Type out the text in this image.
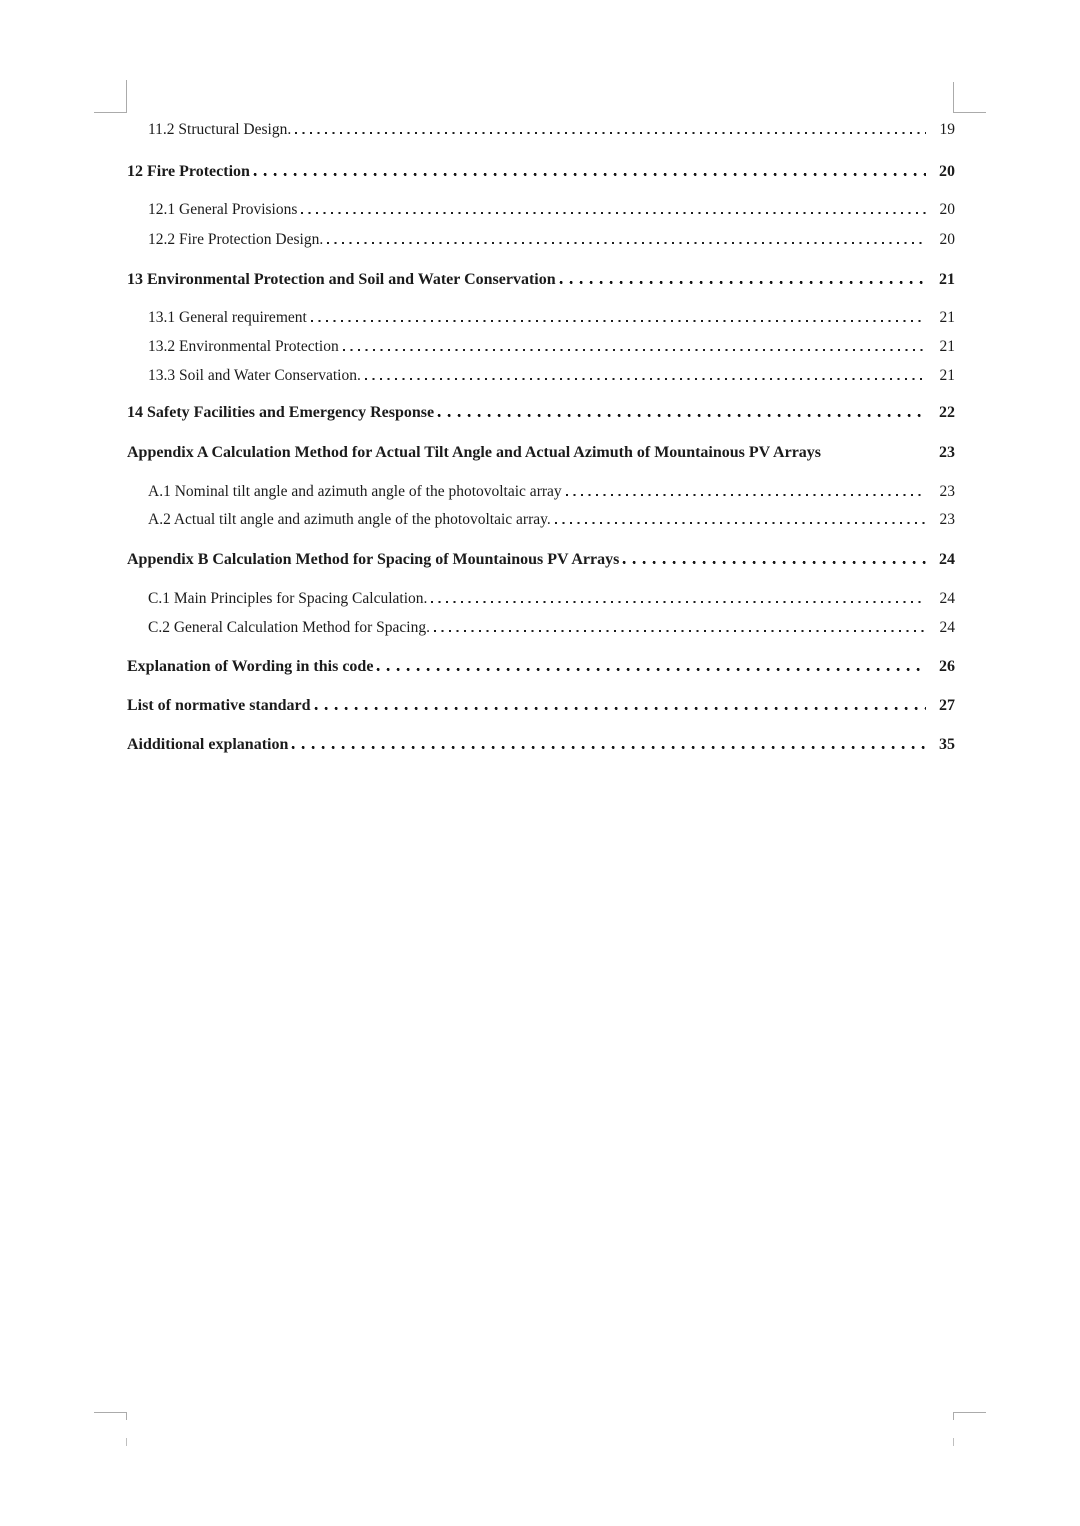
11.2 Structural Design.	19
12 Fire Protection	20
12.1 General Provisions	20
12.2 Fire Protection Design.	20
13 Environmental Protection and Soil and Water Conservation	21
13.1 General requirement	21
13.2 Environmental Protection	21
13.3 Soil and Water Conservation.	21
14 Safety Facilities and Emergency Response	22
Appendix A Calculation Method for Actual Tilt Angle and Actual Azimuth of Mountainous PV Arrays	23
A.1 Nominal tilt angle and azimuth angle of the photovoltaic array	23
A.2 Actual tilt angle and azimuth angle of the photovoltaic array.	23
Appendix B Calculation Method for Spacing of Mountainous PV Arrays	24
C.1 Main Principles for Spacing Calculation.	24
C.2 General Calculation Method for Spacing.	24
Explanation of Wording in this code	26
List of normative standard	27
Aidditional explanation	35
